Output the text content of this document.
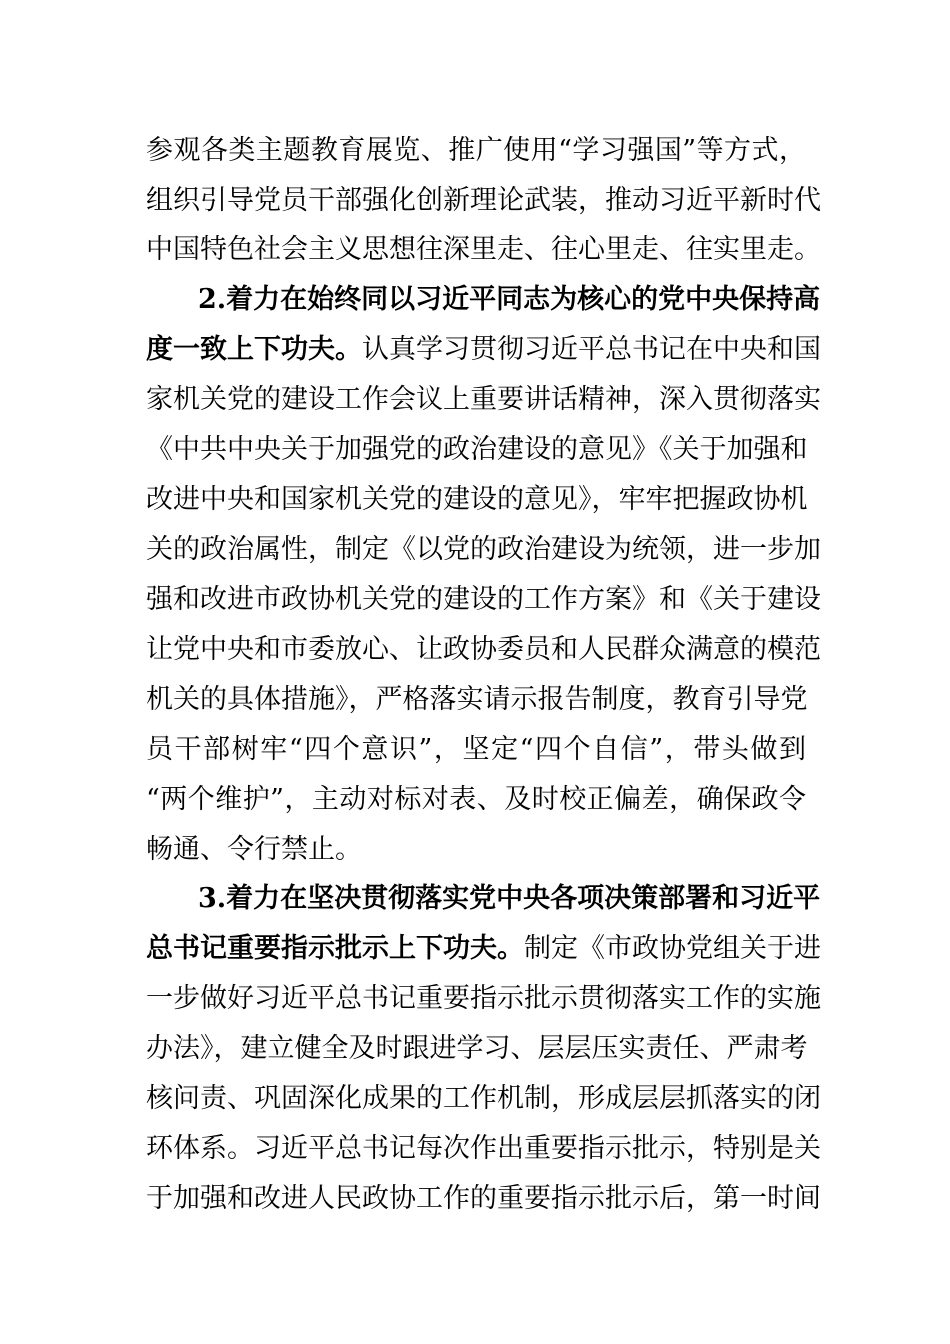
参观各类主题教育展览、推广使用“学习强国”等方式，
组织引导党员干部强化创新理论武装，推动习近平新时代
中国特色社会主义思想往深里走、往心里走、往实里走。
2.着力在始终同以习近平同志为核心的党中央保持高
度一致上下功夫。认真学习贯彻习近平总书记在中央和国
家机关党的建设工作会议上重要讲话精神，深入贯彻落实
《中共中央关于加强党的政治建设的意见》《关于加强和
改进中央和国家机关党的建设的意见》，牢牢把握政协机
关的政治属性，制定《以党的政治建设为统领，进一步加
强和改进市政协机关党的建设的工作方案》和《关于建设
让党中央和市委放心、让政协委员和人民群众满意的模范
机关的具体措施》，严格落实请示报告制度，教育引导党
员干部树牢“四个意识”，坚定“四个自信”，带头做到
“两个维护”，主动对标对表、及时校正偏差，确保政令
畅通、令行禁止。
3.着力在坚决贯彻落实党中央各项决策部署和习近平
总书记重要指示批示上下功夫。制定《市政协党组关于进
一步做好习近平总书记重要指示批示贯彻落实工作的实施
办法》，建立健全及时跟进学习、层层压实责任、严肃考
核问责、巩固深化成果的工作机制，形成层层抓落实的闭
环体系。习近平总书记每次作出重要指示批示，特别是关
于加强和改进人民政协工作的重要指示批示后，第一时间
